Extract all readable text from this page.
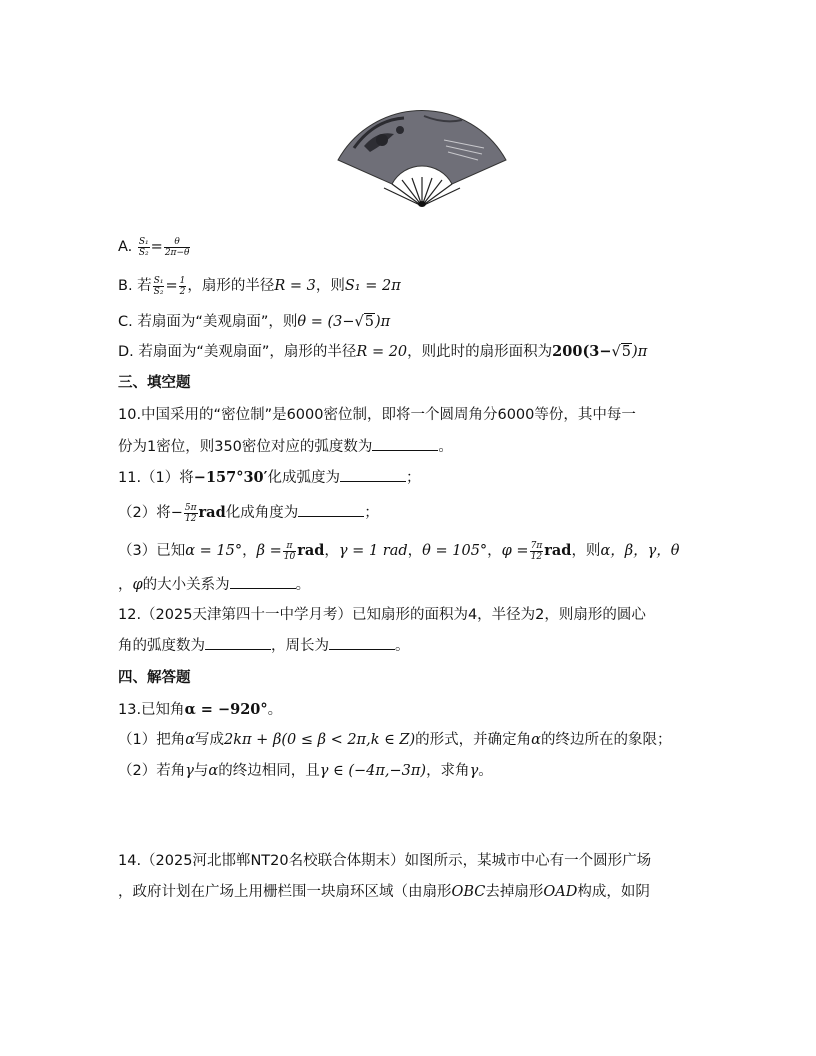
A. $\frac{\text{S₁}}{\text{S₂}} = \frac{\theta}{2\pi-\theta}$
B. 若 $\frac{\text{S₁}}{\text{S₂}} = \frac{1}{2}$ ，扇形的半径R = 3，则S₁ = 2π
C. 若扇面为“美观扇面”，则θ = (3−√5)π
D. 若扇面为“美观扇面”，扇形的半径R = 20，则此时的扇形面积为200(3−√5)π
三、填空题
10.中国采用的“密位制”是6000密位制，即将一个圆周角分6000等份，其中每一
份为1密位，则350密位对应的弧度数为	。
11.（1）将−157°30′化成弧度为	；
（2）将− $\frac{5\pi}{12}$ rad化成角度为	；
（3）已知α = 15°，$\beta = \frac{\pi}{10}$ rad，γ = 1 rad，θ = 105°，$\varphi = \frac{7\pi}{12}$ rad，则α，β，γ，θ
，φ的大小关系为	。
12.（2025天津第四十一中学月考）已知扇形的面积为4，半径为2，则扇形的圆心
角的弧度数为	，周长为	。
四、解答题
13.已知角α = −920°。
（1）把角α写成2kπ + β(0 ≤ β < 2π,k ∈ Z)的形式，并确定角α的终边所在的象限；
（2）若角γ与α的终边相同，且γ ∈ (−4π,−3π)，求角γ。
14.（2025河北邯郸NT20名校联合体期末）如图所示，某城市中心有一个圆形广场
，政府计划在广场上用栅栏围一块扇环区域（由扇形OBC去掉扇形OAD构成，如阴
